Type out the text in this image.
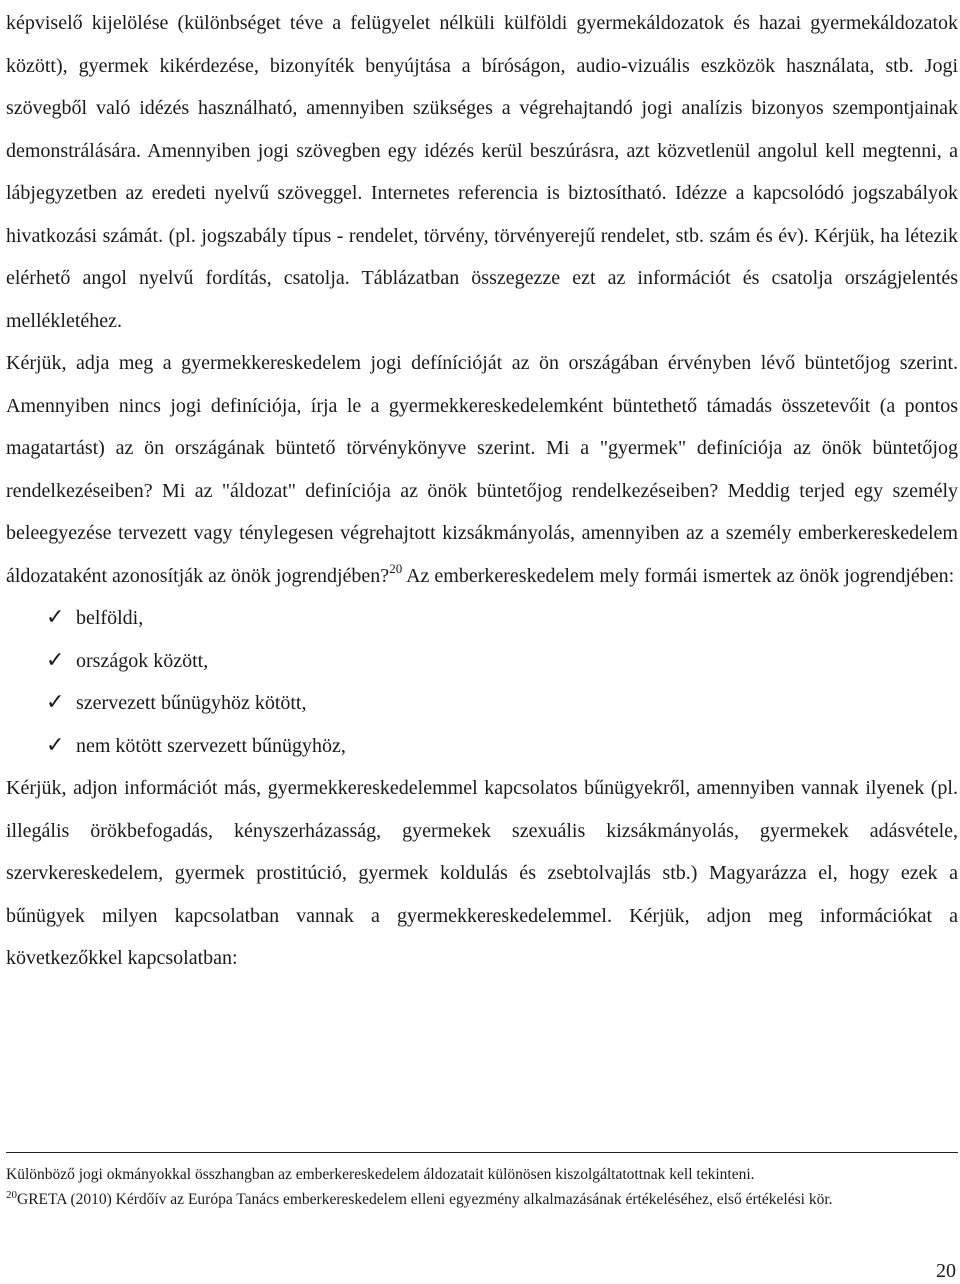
képviselő kijelölése (különbséget téve a felügyelet nélküli külföldi gyermekáldozatok és hazai gyermekáldozatok között), gyermek kikérdezése, bizonyíték benyújtása a bíróságon, audio-vizuális eszközök használata, stb. Jogi szövegből való idézés használható, amennyiben szükséges a végrehajtandó jogi analízis bizonyos szempontjainak demonstrálására. Amennyiben jogi szövegben egy idézés kerül beszúrásra, azt közvetlenül angolul kell megtenni, a lábjegyzetben az eredeti nyelvű szöveggel. Internetes referencia is biztosítható. Idézze a kapcsolódó jogszabályok hivatkozási számát. (pl. jogszabály típus - rendelet, törvény, törvényerejű rendelet, stb. szám és év). Kérjük, ha létezik elérhető angol nyelvű fordítás, csatolja. Táblázatban összegezze ezt az információt és csatolja országjelentés mellékletéhez.

Kérjük, adja meg a gyermekkereskedelem jogi defínícióját az ön országában érvényben lévő büntetőjog szerint. Amennyiben nincs jogi definíciója, írja le a gyermekkereskedelemként büntethető támadás összetevőit (a pontos magatartást) az ön országának büntető törvénykönyve szerint. Mi a "gyermek" definíciója az önök büntetőjog rendelkezéseiben? Mi az "áldozat" definíciója az önök büntetőjog rendelkezéseiben? Meddig terjed egy személy beleegyezése tervezett vagy ténylegesen végrehajtott kizsákmányolás, amennyiben az a személy emberkereskedelem áldozataként azonosítják az önök jogrendjében?$^{20}$ Az emberkereskedelem mely formái ismertek az önök jogrendjében:

✓ belföldi,
✓ országok között,
✓ szervezett bűnügyhöz kötött,
✓ nem kötött szervezett bűnügyhöz,

Kérjük, adjon információt más, gyermekkereskedelemmel kapcsolatos bűnügyekről, amennyiben vannak ilyenek (pl. illegális örökbefogadás, kényszerházasság, gyermekek szexuális kizsákmányolás, gyermekek adásvétele, szervkereskedelem, gyermek prostitúció, gyermek koldulás és zsebtolvajlás stb.) Magyarázza el, hogy ezek a bűnügyek milyen kapcsolatban vannak a gyermekkereskedelemmel. Kérjük, adjon meg információkat a következőkkel kapcsolatban:

Különböző jogi okmányokkal összhangban az emberkereskedelem áldozatait különösen kiszolgáltatottnak kell tekinteni.

$^{20}$GRETA (2010) Kérdőív az Európa Tanács emberkereskedelem elleni egyezmény alkalmazásának értékeléséhez, első értékelési kör.

20
